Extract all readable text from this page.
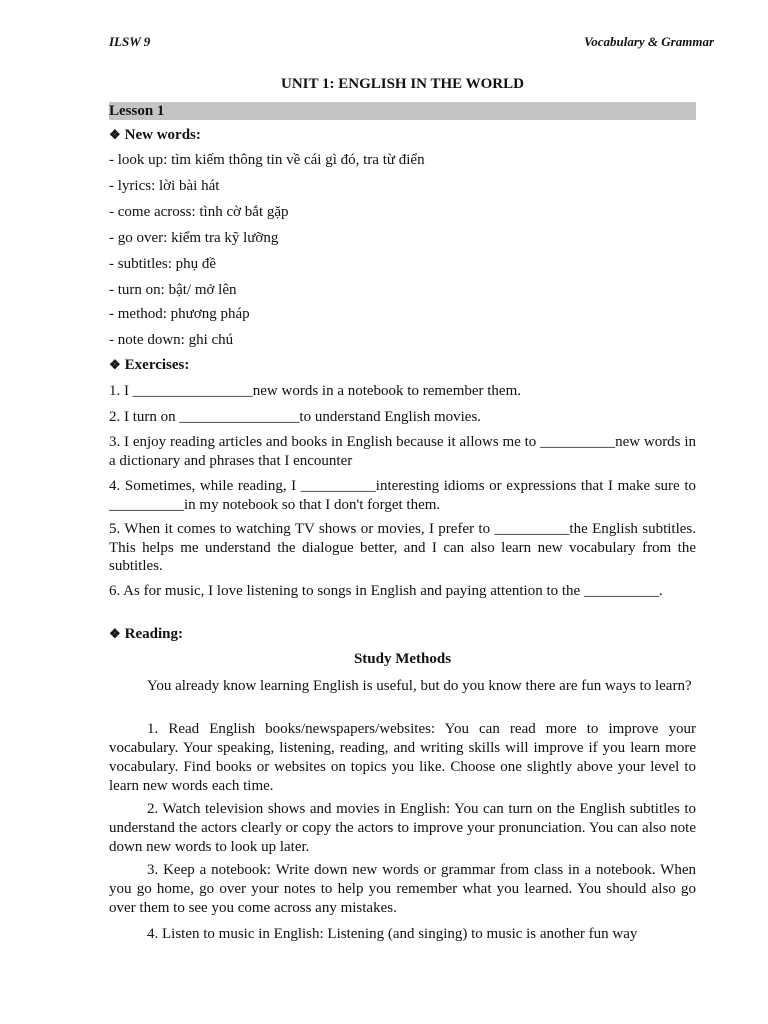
ILSW 9	Vocabulary & Grammar
UNIT 1: ENGLISH IN THE WORLD
Lesson 1
❖ New words:
- look up: tìm kiếm thông tin về cái gì đó, tra từ điển
- lyrics: lời bài hát
- come across: tình cờ bắt gặp
- go over: kiểm tra kỹ lưỡng
- subtitles: phụ đề
- turn on: bật/ mở lên
- method: phương pháp
- note down: ghi chú
❖ Exercises:
1. I ________________new words in a notebook to remember them.
2. I turn on ________________to understand English movies.
3. I enjoy reading articles and books in English because it allows me to __________new words in a dictionary and phrases that I encounter
4. Sometimes, while reading, I __________interesting idioms or expressions that I make sure to __________in my notebook so that I don't forget them.
5. When it comes to watching TV shows or movies, I prefer to __________the English subtitles. This helps me understand the dialogue better, and I can also learn new vocabulary from the subtitles.
6. As for music, I love listening to songs in English and paying attention to the __________.
❖ Reading:
Study Methods
You already know learning English is useful, but do you know there are fun ways to learn?
1. Read English books/newspapers/websites: You can read more to improve your vocabulary. Your speaking, listening, reading, and writing skills will improve if you learn more vocabulary. Find books or websites on topics you like. Choose one slightly above your level to learn new words each time.
2. Watch television shows and movies in English: You can turn on the English subtitles to understand the actors clearly or copy the actors to improve your pronunciation. You can also note down new words to look up later.
3. Keep a notebook: Write down new words or grammar from class in a notebook. When you go home, go over your notes to help you remember what you learned. You should also go over them to see you come across any mistakes.
4. Listen to music in English: Listening (and singing) to music is another fun way
